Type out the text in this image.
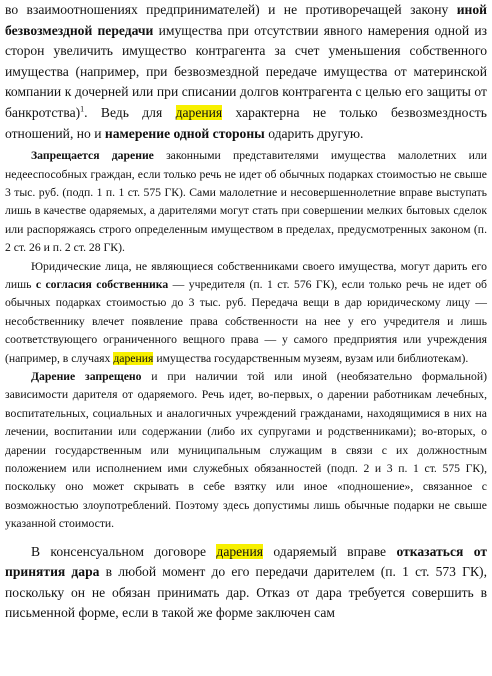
во взаимоотношениях предпринимателей) и не противоречащей закону иной безвозмездной передачи имущества при отсутствии явного намерения одной из сторон увеличить имущество контрагента за счет уменьшения собственного имущества (например, при безвозмездной передаче имущества от материнской компании к дочерней или при списании долгов контрагента с целью его защиты от банкротства)$^1$. Ведь для дарения характерна не только безвозмездность отношений, но и намерение одной стороны одарить другую.

Запрещается дарение законными представителями имущества малолетних или недееспособных граждан, если только речь не идет об обычных подарках стоимостью не свыше 3 тыс. руб. (подп. 1 п. 1 ст. 575 ГК). Сами малолетние и несовершеннолетние вправе выступать лишь в качестве одаряемых, а дарителями могут стать при совершении мелких бытовых сделок или распоряжаясь строго определенным имуществом в пределах, предусмотренных законом (п. 2 ст. 26 и п. 2 ст. 28 ГК).

Юридические лица, не являющиеся собственниками своего имущества, могут дарить его лишь с согласия собственника — учредителя (п. 1 ст. 576 ГК), если только речь не идет об обычных подарках стоимостью до 3 тыс. руб. Передача вещи в дар юридическому лицу — несобственнику влечет появление права собственности на нее у его учредителя и лишь соответствующего ограниченного вещного права — у самого предприятия или учреждения (например, в случаях дарения имущества государственным музеям, вузам или библиотекам).

Дарение запрещено и при наличии той или иной (необязательно формальной) зависимости дарителя от одаряемого. Речь идет, во-первых, о дарении работникам лечебных, воспитательных, социальных и аналогичных учреждений гражданами, находящимися в них на лечении, воспитании или содержании (либо их супругами и родственниками); во-вторых, о дарении государственным или муниципальным служащим в связи с их должностным положением или исполнением ими служебных обязанностей (подп. 2 и 3 п. 1 ст. 575 ГК), поскольку оно может скрывать в себе взятку или иное «подношение», связанное с возможностью злоупотреблений. Поэтому здесь допустимы лишь обычные подарки не свыше указанной стоимости.

В консенсуальном договоре дарения одаряемый вправе отказаться от принятия дара в любой момент до его передачи дарителем (п. 1 ст. 573 ГК), поскольку он не обязан принимать дар. Отказ от дара требуется совершить в письменной форме, если в такой же форме заключен сам
